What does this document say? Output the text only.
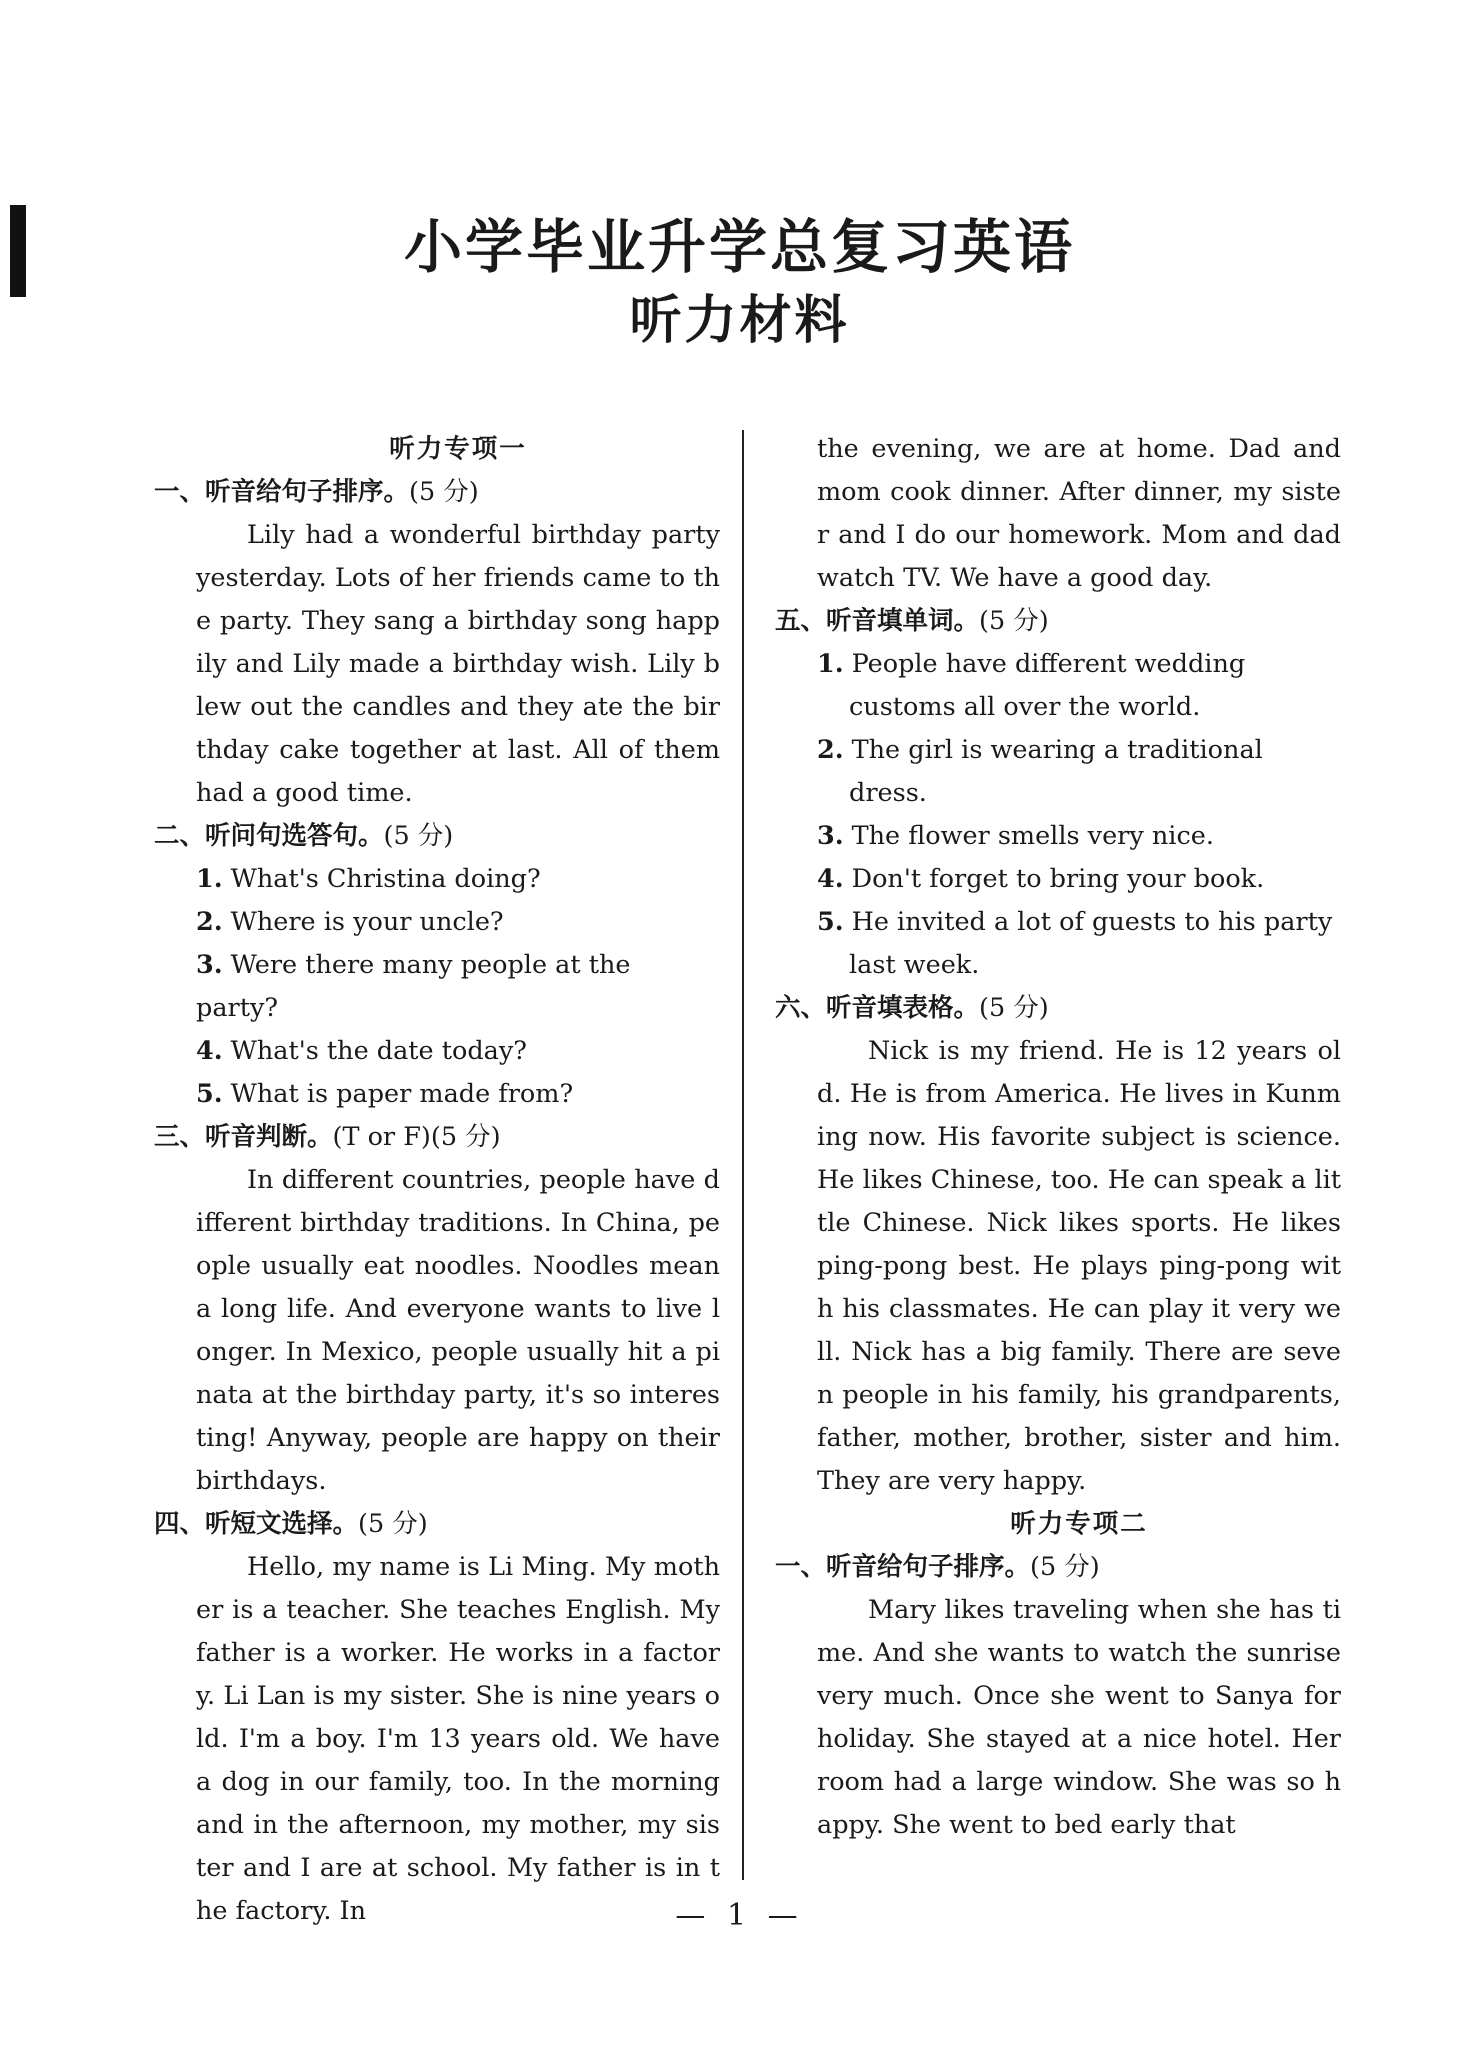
小学毕业升学总复习英语
听力材料
听力专项一
一、听音给句子排序。(5 分)
Lily had a wonderful birthday party yesterday. Lots of her friends came to the party. They sang a birthday song happily and Lily made a birthday wish. Lily blew out the candles and they ate the birthday cake together at last. All of them had a good time.
二、听问句选答句。(5 分)
1. What's Christina doing?
2. Where is your uncle?
3. Were there many people at the party?
4. What's the date today?
5. What is paper made from?
三、听音判断。(T or F)(5 分)
In different countries, people have different birthday traditions. In China, people usually eat noodles. Noodles mean a long life. And everyone wants to live longer. In Mexico, people usually hit a pinata at the birthday party, it's so interesting! Anyway, people are happy on their birthdays.
四、听短文选择。(5 分)
Hello, my name is Li Ming. My mother is a teacher. She teaches English. My father is a worker. He works in a factory. Li Lan is my sister. She is nine years old. I'm a boy. I'm 13 years old. We have a dog in our family, too. In the morning and in the afternoon, my mother, my sister and I are at school. My father is in the factory. In
the evening, we are at home. Dad and mom cook dinner. After dinner, my sister and I do our homework. Mom and dad watch TV. We have a good day.
五、听音填单词。(5 分)
1. People have different wedding customs all over the world.
2. The girl is wearing a traditional dress.
3. The flower smells very nice.
4. Don't forget to bring your book.
5. He invited a lot of guests to his party last week.
六、听音填表格。(5 分)
Nick is my friend. He is 12 years old. He is from America. He lives in Kunming now. His favorite subject is science. He likes Chinese, too. He can speak a little Chinese. Nick likes sports. He likes ping-pong best. He plays ping-pong with his classmates. He can play it very well. Nick has a big family. There are seven people in his family, his grandparents, father, mother, brother, sister and him. They are very happy.
听力专项二
一、听音给句子排序。(5 分)
Mary likes traveling when she has time. And she wants to watch the sunrise very much. Once she went to Sanya for holiday. She stayed at a nice hotel. Her room had a large window. She was so happy. She went to bed early that
— 1 —
